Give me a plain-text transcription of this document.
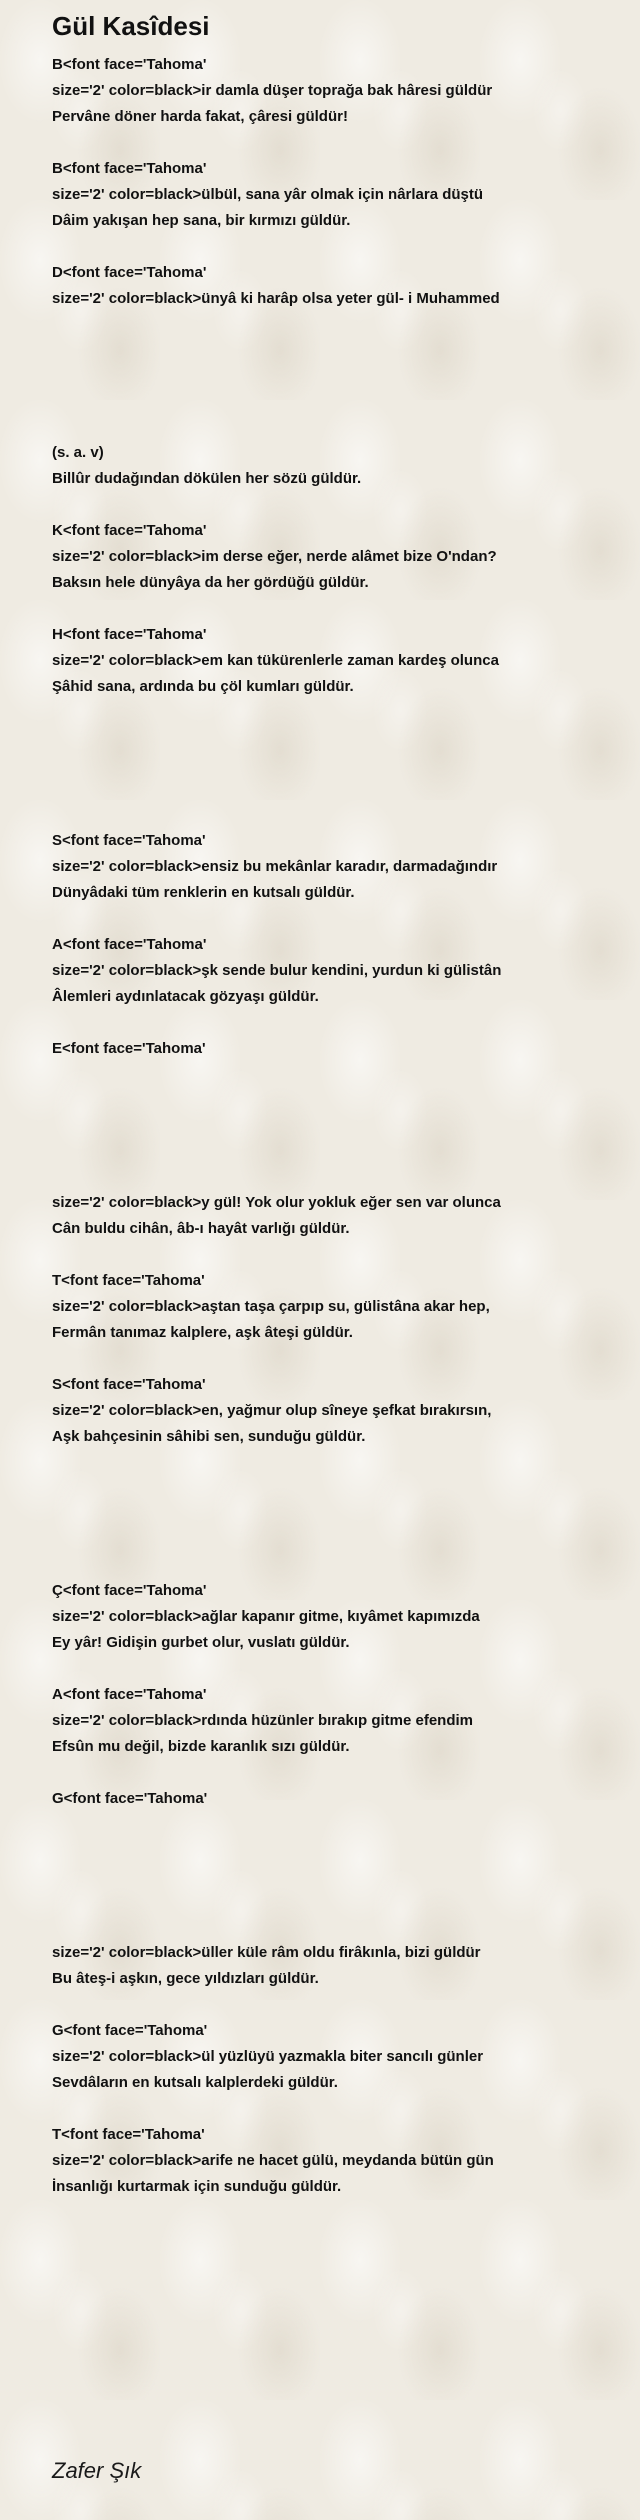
Gül Kasîdesi
B<font face='Tahoma'
size='2' color=black>ir damla düşer toprağa bak hâresi güldür
Pervâne döner harda fakat, çâresi güldür!
B<font face='Tahoma'
size='2' color=black>ülbül, sana yâr olmak için nârlara düştü
Dâim yakışan hep sana, bir kırmızı güldür.
D<font face='Tahoma'
size='2' color=black>ünyâ ki harâp olsa yeter gül- i Muhammed
(s. a. v)
Billûr dudağından dökülen her sözü güldür.
K<font face='Tahoma'
size='2' color=black>im derse eğer, nerde alâmet bize O'ndan?
Baksın hele dünyâya da her gördüğü güldür.
H<font face='Tahoma'
size='2' color=black>em kan tükürenlerle zaman kardeş olunca
Şâhid sana, ardında bu çöl kumları güldür.
S<font face='Tahoma'
size='2' color=black>ensiz bu mekânlar karadır, darmadağındır
Dünyâdaki tüm renklerin en kutsalı güldür.
A<font face='Tahoma'
size='2' color=black>şk sende bulur kendini, yurdun ki gülistân
Âlemleri aydınlatacak gözyaşı güldür.
E<font face='Tahoma'
size='2' color=black>y gül! Yok olur yokluk eğer sen var olunca
Cân buldu cihân, âb-ı hayât varlığı güldür.
T<font face='Tahoma'
size='2' color=black>aştan taşa çarpıp su, gülistâna akar hep,
Fermân tanımaz kalplere, aşk âteşi güldür.
S<font face='Tahoma'
size='2' color=black>en, yağmur olup sîneye şefkat bırakırsın,
Aşk bahçesinin sâhibi sen, sunduğu güldür.
Ç<font face='Tahoma'
size='2' color=black>ağlar kapanır gitme, kıyâmet kapımızda
Ey yâr! Gidişin gurbet olur, vuslatı güldür.
A<font face='Tahoma'
size='2' color=black>rdında hüzünler bırakıp gitme efendim
Efsûn mu değil, bizde karanlık sızı güldür.
G<font face='Tahoma'
size='2' color=black>üller küle râm oldu firâkınla, bizi güldür
Bu âteş-i aşkın, gece yıldızları güldür.
G<font face='Tahoma'
size='2' color=black>ül yüzlüyü yazmakla biter sancılı günler
Sevdâların en kutsalı kalplerdeki güldür.
T<font face='Tahoma'
size='2' color=black>arife ne hacet gülü, meydanda bütün gün
İnsanlığı kurtarmak için sunduğu güldür.
Zafer Şık
